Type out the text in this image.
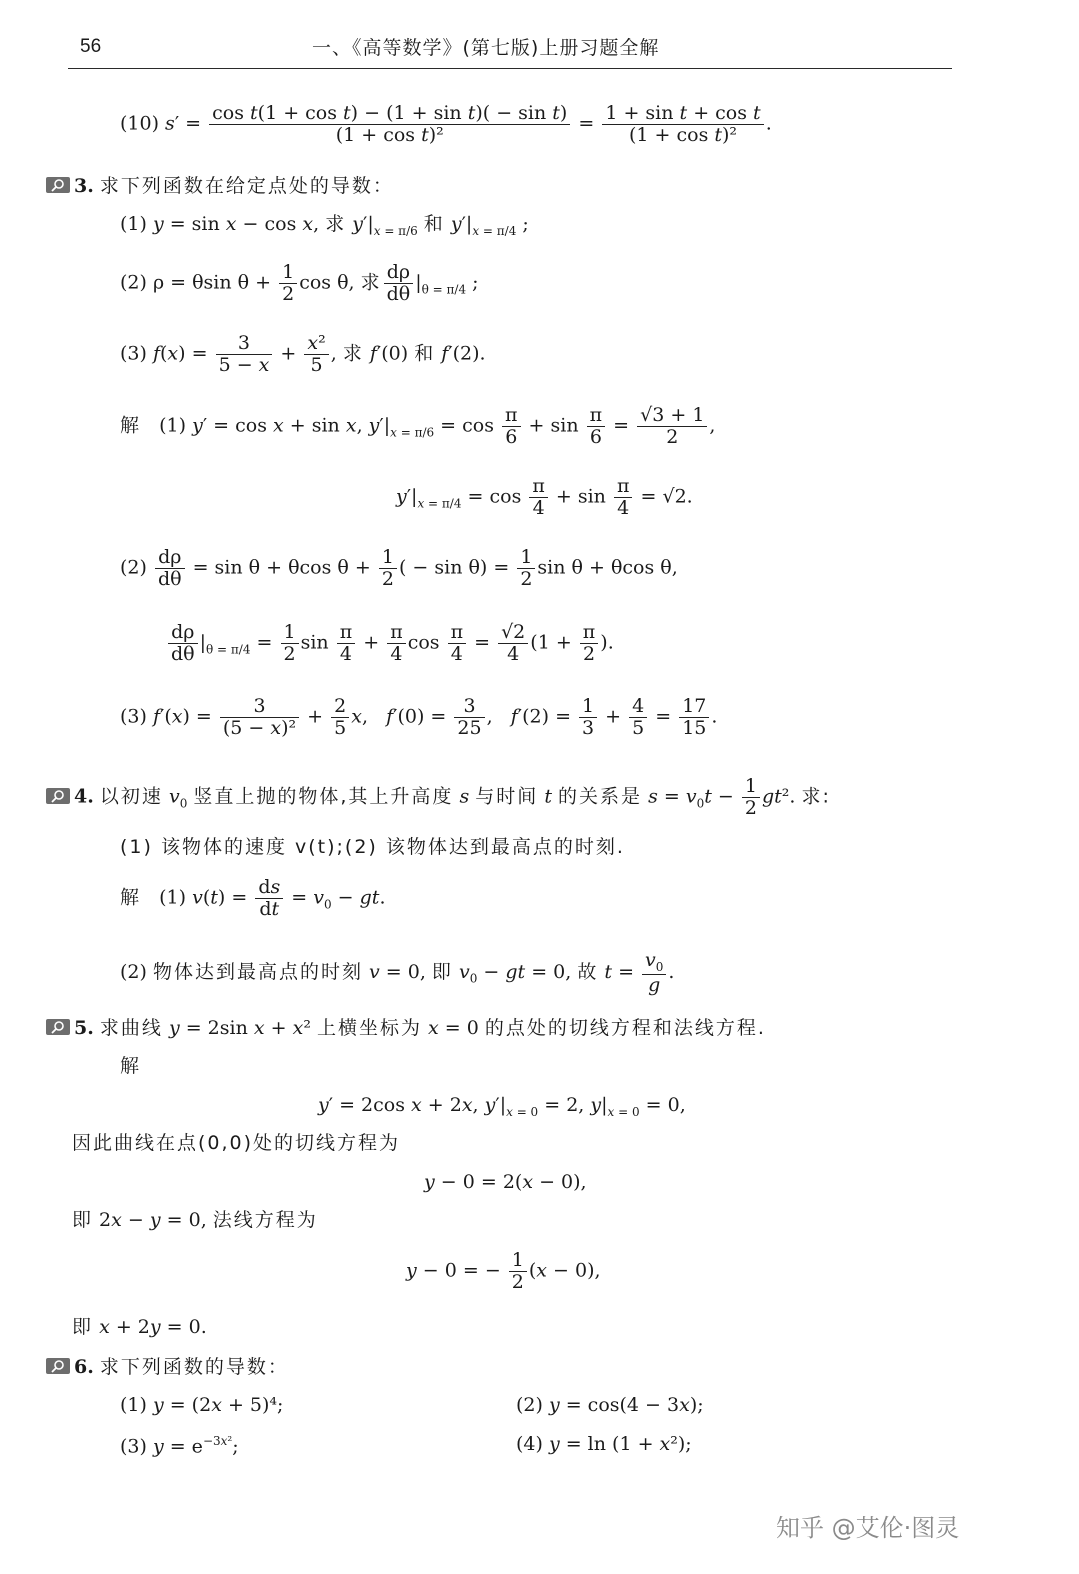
56	一、《高等数学》(第七版)上册习题全解
(10) $s' = \frac{\text{cos t(1 + cos t) − (1 + sin t)( − sin t)}}{\text{(1 + cos t)²}} = \frac{\text{1 + sin t + cos t}}{\text{(1 + cos t)²}}$ .
3. 求下列函数在给定点处的导数：
(1) y = sin x − cos x, 求 $y'|_{x = \pi/6}$ 和 $y'|_{x = \pi/4}$ ;
(2) ρ = θsin $\theta + \frac{1}{2}$ cos θ, 求 $\frac{d\rho}{d\theta} |_{\theta = \pi/4}$ ;
(3) $f(x) = \frac{3}{5 - x} + \frac{\text{x²}}{5}$ , 求 f′(0) 和 f′(2).
解   (1) y′ = cos x + sin x, $y'|_{x = \pi/6} = \cos \frac{\pi}{6} + \sin \frac{\pi}{6} = \frac{√3 + 1}{2}$ ,
$y'|_{x = \pi/4} = \cos \frac{\pi}{4} + \sin \frac{\pi}{4} = √2$.
$(2) \frac{d\rho}{d\theta} = \sin \theta + \theta\cos$ $\theta + \frac{1}{2}$ ( − $\sin \theta) = \frac{1}{2}$ sin θ + θcos θ,
$\frac{d\rho}{d\theta} |_{\theta = \pi/4} = \frac{1}{2}$ $\sin \frac{\pi}{4} + \frac{\pi}{4}$ $\cos \frac{\pi}{4} = \frac{√2}{4} (1 + \frac{\pi}{2}$ ).
(3) $f'(x) = \frac{3}{\text{(5 − x)²}} + \frac{2}{5} x$,   $f'(0) = \frac{3}{25}$ ,   $f'(2) = \frac{1}{3} + \frac{4}{5} = \frac{17}{15}$ .
4. 以初速 $v_0$ 竖直上抛的物体,其上升高度 s 与时间 t 的关系是 $s = v_0t - \frac{1}{2} gt^2$. 求:
(1) 该物体的速度 v(t);(2) 该物体达到最高点的时刻.
解   (1) $v(t) = \frac{ds}{dt} = v_0$ − gt.
(2) 物体达到最高点的时刻 v = 0, 即 $v_0$ − gt = 0, 故 $t = \frac{v_0}{g}$ .
5. 求曲线 y = 2sin x + x² 上横坐标为 x = 0 的点处的切线方程和法线方程.
解
y′ = 2cos x + 2x, $y'|_{x = 0} = 2$, $y|_{x = 0} = 0$,
因此曲线在点(0,0)处的切线方程为
y − 0 = 2(x − 0),
即 2x − y = 0, 法线方程为
y − 0 = − $\frac{1}{2} (x - 0)$,
即 x + 2y = 0.
6. 求下列函数的导数：
(1) y = (2x + 5)⁴;	(2) y = cos(4 − 3x);
(3) $y = e^{-3x^2}$;	(4) y = ln (1 + x²);
知乎 @艾伦·图灵
